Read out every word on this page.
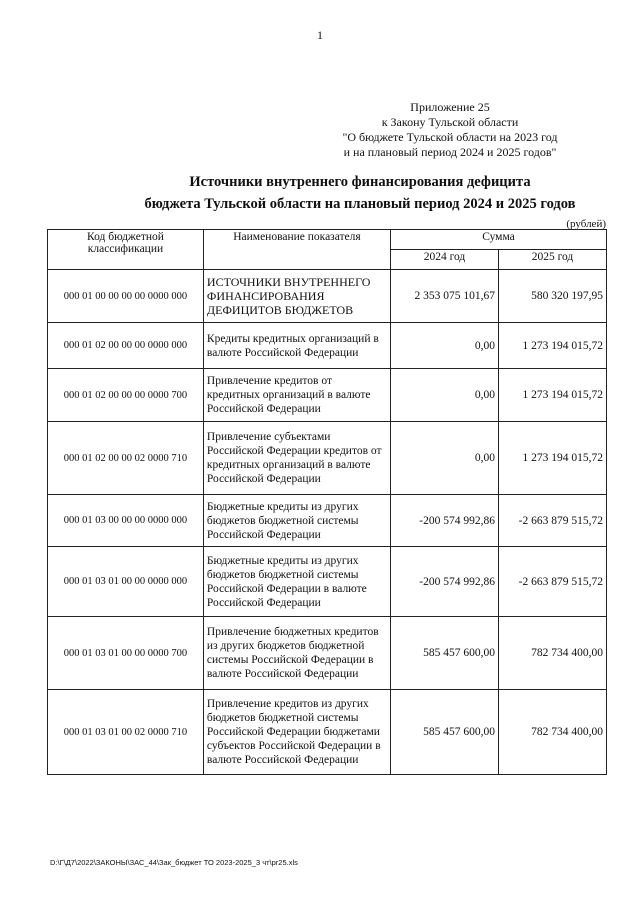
1
Приложение 25
к Закону Тульской области
"О бюджете Тульской области на 2023 год
и на плановый период 2024 и 2025 годов"
Источники внутреннего финансирования дефицита
бюджета Тульской области на плановый период 2024 и 2025 годов
(рублей)
Код бюджетной классификации	Наименование показателя	Сумма	
		2024 год	2025 год
000 01 00 00 00 00 0000 000	ИСТОЧНИКИ ВНУТРЕННЕГО ФИНАНСИРОВАНИЯ ДЕФИЦИТОВ БЮДЖЕТОВ	2 353 075 101,67	580 320 197,95
000 01 02 00 00 00 0000 000	Кредиты кредитных организаций в валюте Российской Федерации	0,00	1 273 194 015,72
000 01 02 00 00 00 0000 700	Привлечение кредитов от кредитных организаций в валюте Российской Федерации	0,00	1 273 194 015,72
000 01 02 00 00 02 0000 710	Привлечение субъектами Российской Федерации кредитов от кредитных организаций в валюте Российской Федерации	0,00	1 273 194 015,72
000 01 03 00 00 00 0000 000	Бюджетные кредиты из других бюджетов бюджетной системы Российской Федерации	-200 574 992,86	-2 663 879 515,72
000 01 03 01 00 00 0000 000	Бюджетные кредиты из других бюджетов бюджетной системы Российской Федерации в валюте Российской Федерации	-200 574 992,86	-2 663 879 515,72
000 01 03 01 00 00 0000 700	Привлечение бюджетных кредитов из других бюджетов бюджетной системы Российской Федерации в валюте Российской Федерации	585 457 600,00	782 734 400,00
000 01 03 01 00 02 0000 710	Привлечение кредитов из других бюджетов бюджетной системы Российской Федерации бюджетами субъектов Российской Федерации в валюте Российской Федерации	585 457 600,00	782 734 400,00
D:\Г\Д7\2022\ЗАКОНЫ\ЗАС_44\Зак_бюджет ТО 2023-2025_3 чт\pr25.xls
